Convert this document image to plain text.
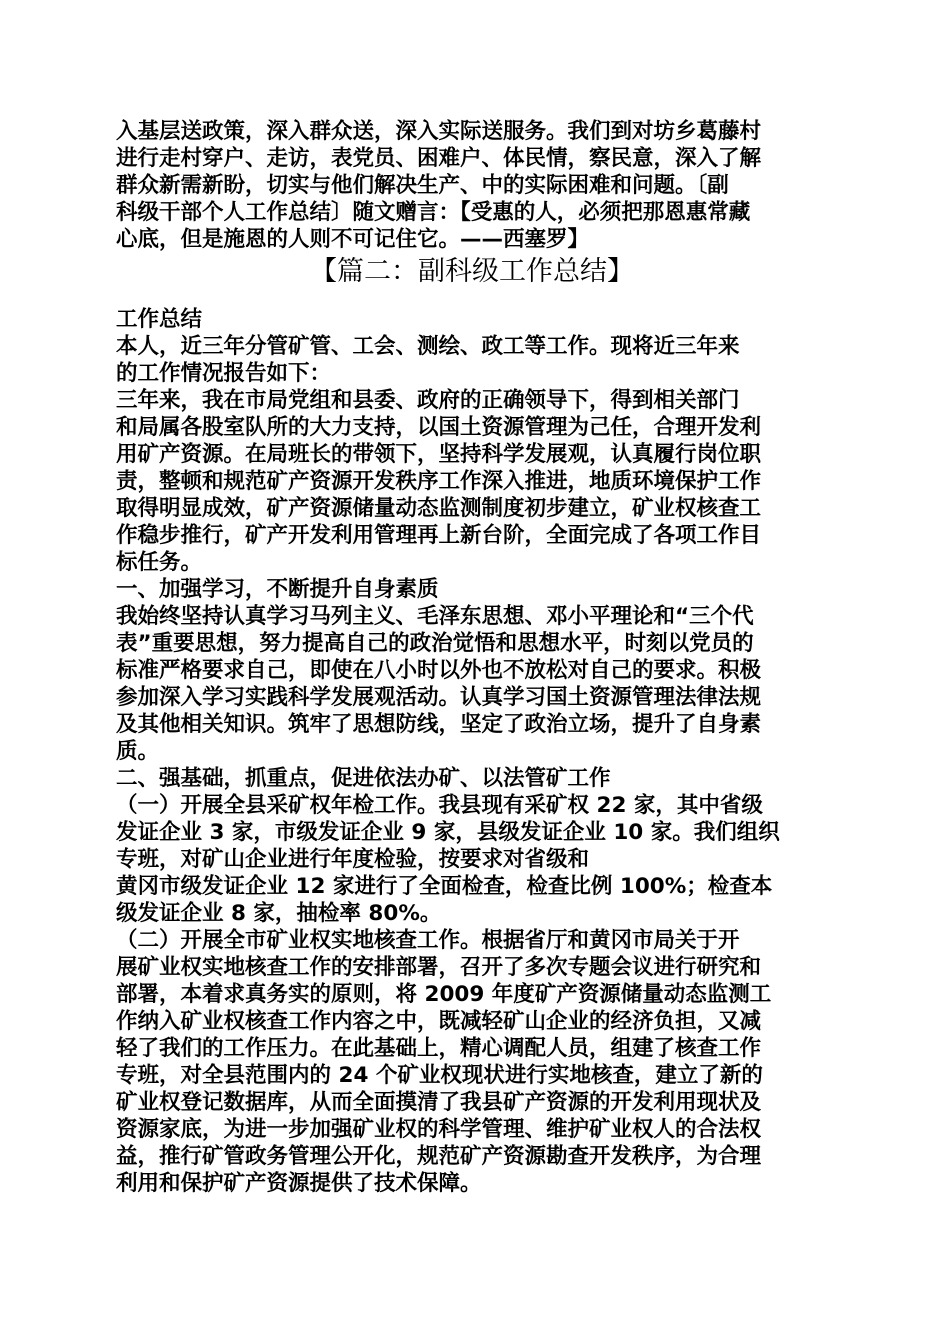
入基层送政策，深入群众送，深入实际送服务。我们到对坊乡葛藤村
进行走村穿户、走访，表党员、困难户、体民情，察民意，深入了解
群众新需新盼，切实与他们解决生产、中的实际困难和问题。〔副
科级干部个人工作总结〕随文赠言：【受惠的人，必须把那恩惠常藏
心底，但是施恩的人则不可记住它。——西塞罗】
【篇二：副科级工作总结】
工作总结
本人，近三年分管矿管、工会、测绘、政工等工作。现将近三年来
的工作情况报告如下：
三年来，我在市局党组和县委、政府的正确领导下，得到相关部门
和局属各股室队所的大力支持，以国土资源管理为己任，合理开发利
用矿产资源。在局班长的带领下，坚持科学发展观，认真履行岗位职
责，整顿和规范矿产资源开发秩序工作深入推进，地质环境保护工作
取得明显成效，矿产资源储量动态监测制度初步建立，矿业权核查工
作稳步推行，矿产开发利用管理再上新台阶，全面完成了各项工作目
标任务。
一、加强学习，不断提升自身素质
我始终坚持认真学习马列主义、毛泽东思想、邓小平理论和“三个代
表”重要思想，努力提高自己的政治觉悟和思想水平，时刻以党员的
标准严格要求自己，即使在八小时以外也不放松对自己的要求。积极
参加深入学习实践科学发展观活动。认真学习国土资源管理法律法规
及其他相关知识。筑牢了思想防线，坚定了政治立场，提升了自身素
质。
二、强基础，抓重点，促进依法办矿、以法管矿工作
（一）开展全县采矿权年检工作。我县现有采矿权 22 家，其中省级
发证企业 3 家，市级发证企业 9 家，县级发证企业 10 家。我们组织
专班，对矿山企业进行年度检验，按要求对省级和
黄冈市级发证企业 12 家进行了全面检查，检查比例 100%；检查本
级发证企业 8 家，抽检率 80%。
（二）开展全市矿业权实地核查工作。根据省厅和黄冈市局关于开
展矿业权实地核查工作的安排部署，召开了多次专题会议进行研究和
部署，本着求真务实的原则，将 2009 年度矿产资源储量动态监测工
作纳入矿业权核查工作内容之中，既减轻矿山企业的经济负担，又减
轻了我们的工作压力。在此基础上，精心调配人员，组建了核查工作
专班，对全县范围内的 24 个矿业权现状进行实地核查，建立了新的
矿业权登记数据库，从而全面摸清了我县矿产资源的开发利用现状及
资源家底，为进一步加强矿业权的科学管理、维护矿业权人的合法权
益，推行矿管政务管理公开化，规范矿产资源勘查开发秩序，为合理
利用和保护矿产资源提供了技术保障。
